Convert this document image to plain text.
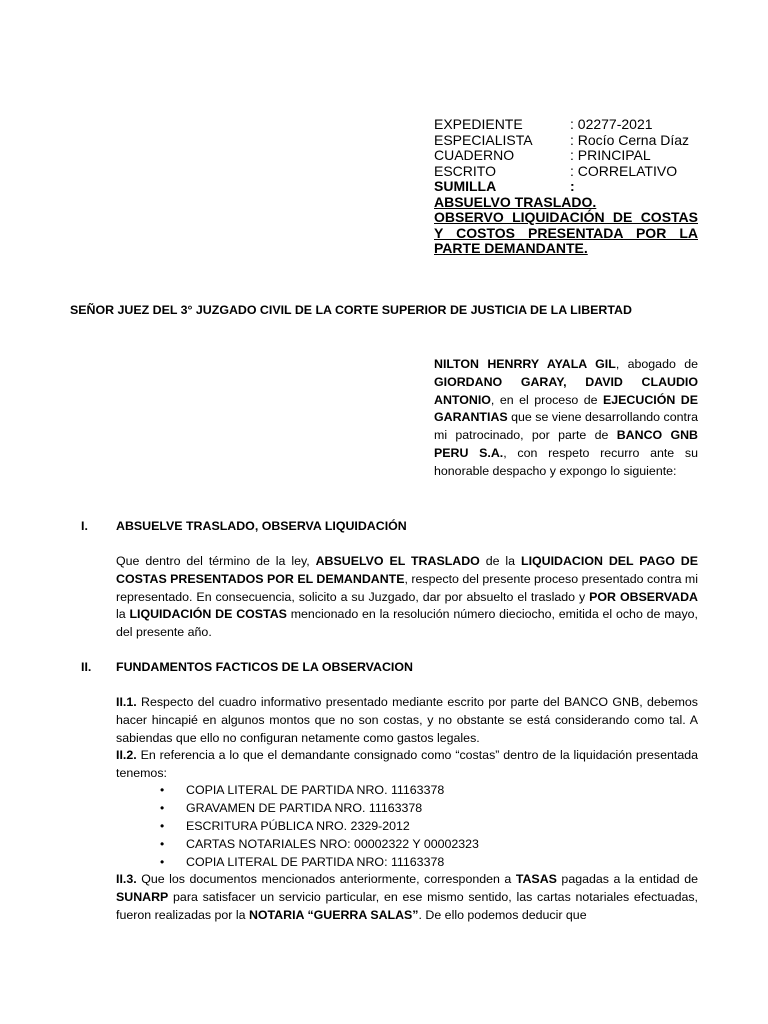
EXPEDIENTE	: 02277-2021
ESPECIALISTA	: Rocío Cerna Díaz
CUADERNO	: PRINCIPAL
ESCRITO	: CORRELATIVO
SUMILLA	:
ABSUELVO TRASLADO.
OBSERVO LIQUIDACIÓN DE COSTAS
Y COSTOS PRESENTADA POR LA
PARTE DEMANDANTE.
SEÑOR JUEZ DEL 3° JUZGADO CIVIL DE LA CORTE SUPERIOR DE JUSTICIA DE LA LIBERTAD
NILTON HENRRY AYALA GIL, abogado de GIORDANO GARAY, DAVID CLAUDIO ANTONIO, en el proceso de EJECUCIÓN DE GARANTIAS que se viene desarrollando contra mi patrocinado, por parte de BANCO GNB PERU S.A., con respeto recurro ante su honorable despacho y expongo lo siguiente:
I.	ABSUELVE TRASLADO, OBSERVA LIQUIDACIÓN
Que dentro del término de la ley, ABSUELVO EL TRASLADO de la LIQUIDACION DEL PAGO DE COSTAS PRESENTADOS POR EL DEMANDANTE, respecto del presente proceso presentado contra mi representado. En consecuencia, solicito a su Juzgado, dar por absuelto el traslado y POR OBSERVADA la LIQUIDACIÓN DE COSTAS mencionado en la resolución número dieciocho, emitida el ocho de mayo, del presente año.
II.	FUNDAMENTOS FACTICOS DE LA OBSERVACION
II.1. Respecto del cuadro informativo presentado mediante escrito por parte del BANCO GNB, debemos hacer hincapié en algunos montos que no son costas, y no obstante se está considerando como tal. A sabiendas que ello no configuran netamente como gastos legales.
II.2. En referencia a lo que el demandante consignado como “costas” dentro de la liquidación presentada tenemos:
•	COPIA LITERAL DE PARTIDA NRO. 11163378
•	GRAVAMEN DE PARTIDA NRO. 11163378
•	ESCRITURA PÚBLICA NRO. 2329-2012
•	CARTAS NOTARIALES NRO: 00002322 Y 00002323
•	COPIA LITERAL DE PARTIDA NRO: 11163378
II.3. Que los documentos mencionados anteriormente, corresponden a TASAS pagadas a la entidad de SUNARP para satisfacer un servicio particular, en ese mismo sentido, las cartas notariales efectuadas, fueron realizadas por la NOTARIA “GUERRA SALAS”. De ello podemos deducir que
